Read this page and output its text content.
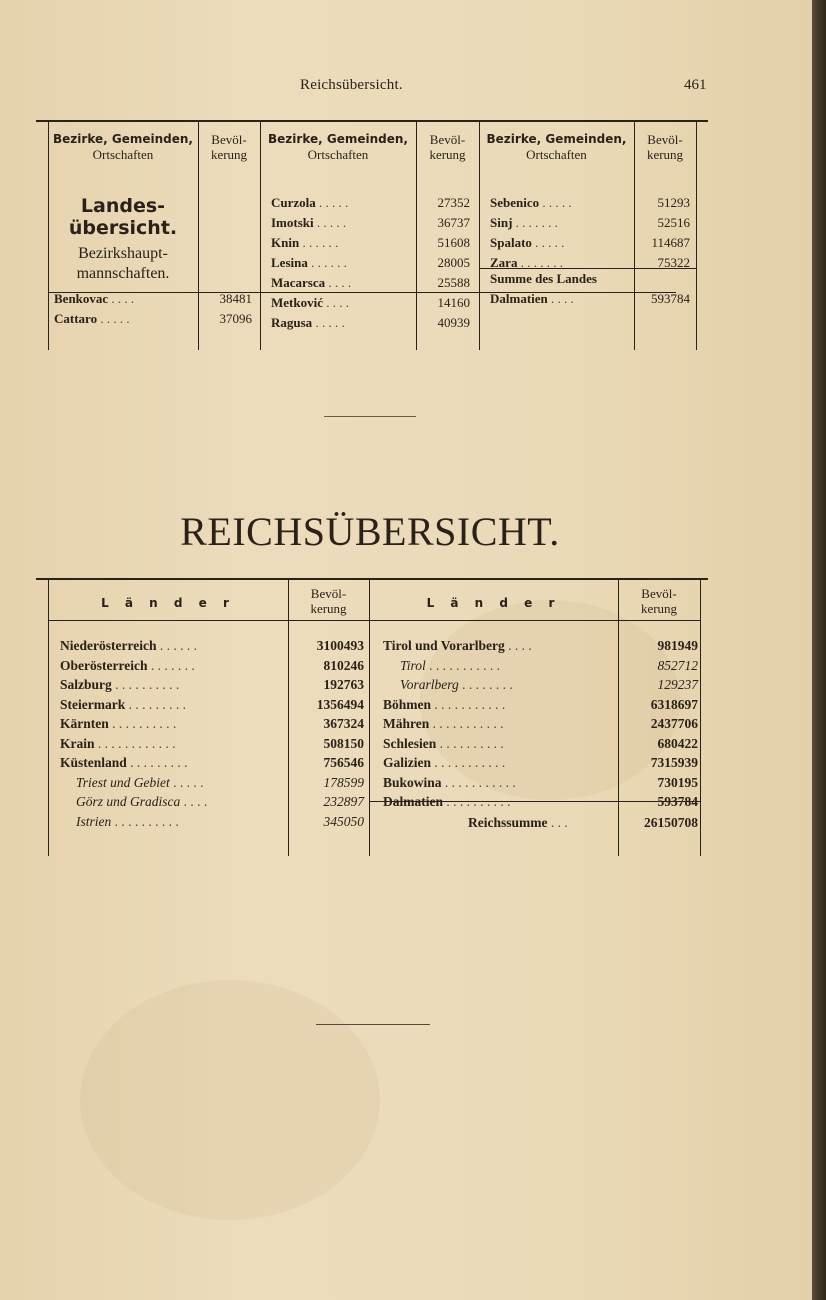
Reichsübersicht.	461
Bezirke, Gemeinden,
Ortschaften
Bevöl-
kerung
Bezirke, Gemeinden,
Ortschaften
Bevöl-
kerung
Bezirke, Gemeinden,
Ortschaften
Bevöl-
kerung
Landes-
übersicht.
Bezirkshaupt-
mannschaften.
Benkovac . . . .	38481
Cattaro . . . . .	37096
Curzola . . . . .	27352
Imotski . . . . .	36737
Knin . . . . . .	51608
Lesina . . . . . .	28005
Macarsca . . . .	25588
Metković . . . .	14160
Ragusa . . . . .	40939
Sebenico . . . . .	51293
Sinj . . . . . . .	52516
Spalato . . . . .	114687
Zara . . . . . . .	75322
Summe des Landes
Dalmatien . . . .	593784
REICHSÜBERSICHT.
L ä n d e r
Bevöl-
kerung	L ä n d e r
Bevöl-
kerung
Niederösterreich . . . . . .	3100493
Oberösterreich . . . . . . .	810246
Salzburg . . . . . . . . . .	192763
Steiermark . . . . . . . . .	1356494
Kärnten . . . . . . . . . .	367324
Krain . . . . . . . . . . . .	508150
Küstenland . . . . . . . . .	756546
Triest und Gebiet . . . . .	178599
Görz und Gradisca . . . .	232897
Istrien . . . . . . . . . .	345050
Tirol und Vorarlberg . . . .	981949
Tirol . . . . . . . . . . .	852712
Vorarlberg . . . . . . . .	129237
Böhmen . . . . . . . . . . .	6318697
Mähren . . . . . . . . . . .	2437706
Schlesien . . . . . . . . . .	680422
Galizien . . . . . . . . . . .	7315939
Bukowina . . . . . . . . . . .	730195
Dalmatien . . . . . . . . . .	593784
Reichssumme . . .	26150708
